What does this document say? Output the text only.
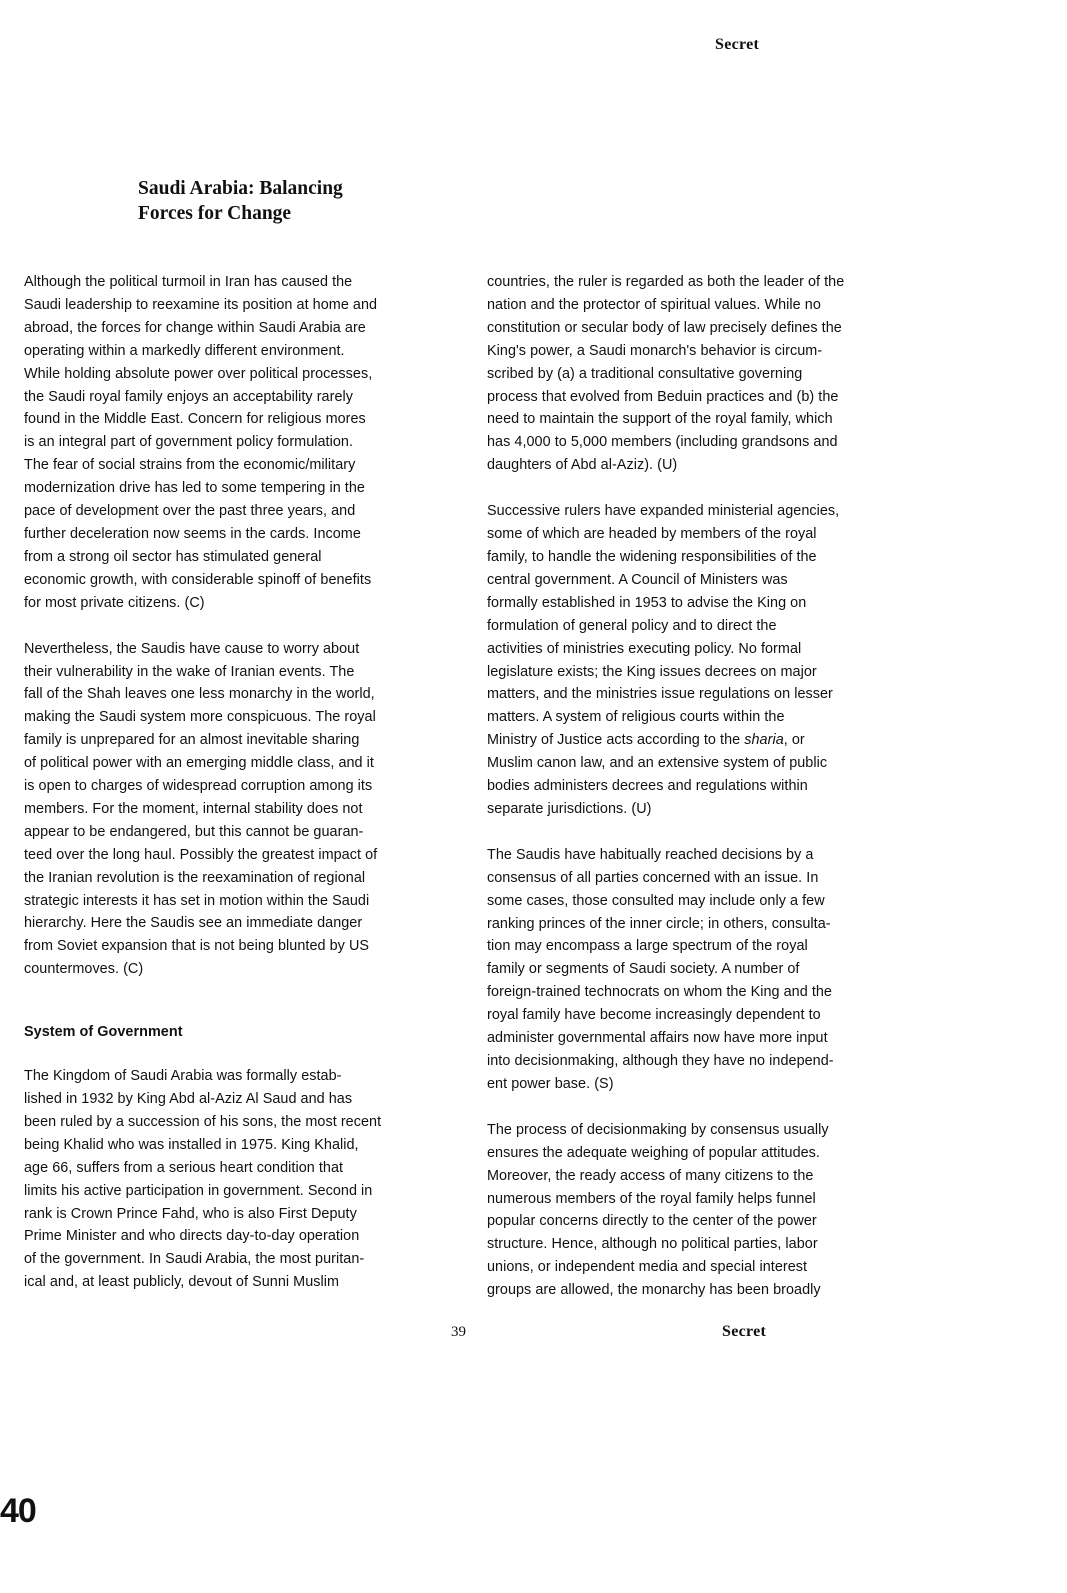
Secret
Saudi Arabia: Balancing
Forces for Change

Although the political turmoil in Iran has caused the
Saudi leadership to reexamine its position at home and
abroad, the forces for change within Saudi Arabia are
operating within a markedly different environment.
While holding absolute power over political processes,
the Saudi royal family enjoys an acceptability rarely
found in the Middle East. Concern for religious mores
is an integral part of government policy formulation.
The fear of social strains from the economic/military
modernization drive has led to some tempering in the
pace of development over the past three years, and
further deceleration now seems in the cards. Income
from a strong oil sector has stimulated general
economic growth, with considerable spinoff of benefits
for most private citizens. (C)

Nevertheless, the Saudis have cause to worry about
their vulnerability in the wake of Iranian events. The
fall of the Shah leaves one less monarchy in the world,
making the Saudi system more conspicuous. The royal
family is unprepared for an almost inevitable sharing
of political power with an emerging middle class, and it
is open to charges of widespread corruption among its
members. For the moment, internal stability does not
appear to be endangered, but this cannot be guaran-
teed over the long haul. Possibly the greatest impact of
the Iranian revolution is the reexamination of regional
strategic interests it has set in motion within the Saudi
hierarchy. Here the Saudis see an immediate danger
from Soviet expansion that is not being blunted by US
countermoves. (C)

System of Government

The Kingdom of Saudi Arabia was formally estab-
lished in 1932 by King Abd al-Aziz Al Saud and has
been ruled by a succession of his sons, the most recent
being Khalid who was installed in 1975. King Khalid,
age 66, suffers from a serious heart condition that
limits his active participation in government. Second in
rank is Crown Prince Fahd, who is also First Deputy
Prime Minister and who directs day-to-day operation
of the government. In Saudi Arabia, the most puritan-
ical and, at least publicly, devout of Sunni Muslim

countries, the ruler is regarded as both the leader of the
nation and the protector of spiritual values. While no
constitution or secular body of law precisely defines the
King's power, a Saudi monarch's behavior is circum-
scribed by (a) a traditional consultative governing
process that evolved from Beduin practices and (b) the
need to maintain the support of the royal family, which
has 4,000 to 5,000 members (including grandsons and
daughters of Abd al-Aziz). (U)

Successive rulers have expanded ministerial agencies,
some of which are headed by members of the royal
family, to handle the widening responsibilities of the
central government. A Council of Ministers was
formally established in 1953 to advise the King on
formulation of general policy and to direct the
activities of ministries executing policy. No formal
legislature exists; the King issues decrees on major
matters, and the ministries issue regulations on lesser
matters. A system of religious courts within the
Ministry of Justice acts according to the sharia, or
Muslim canon law, and an extensive system of public
bodies administers decrees and regulations within
separate jurisdictions. (U)

The Saudis have habitually reached decisions by a
consensus of all parties concerned with an issue. In
some cases, those consulted may include only a few
ranking princes of the inner circle; in others, consulta-
tion may encompass a large spectrum of the royal
family or segments of Saudi society. A number of
foreign-trained technocrats on whom the King and the
royal family have become increasingly dependent to
administer governmental affairs now have more input
into decisionmaking, although they have no independ-
ent power base. (S)

The process of decisionmaking by consensus usually
ensures the adequate weighing of popular attitudes.
Moreover, the ready access of many citizens to the
numerous members of the royal family helps funnel
popular concerns directly to the center of the power
structure. Hence, although no political parties, labor
unions, or independent media and special interest
groups are allowed, the monarchy has been broadly

39	Secret
40
